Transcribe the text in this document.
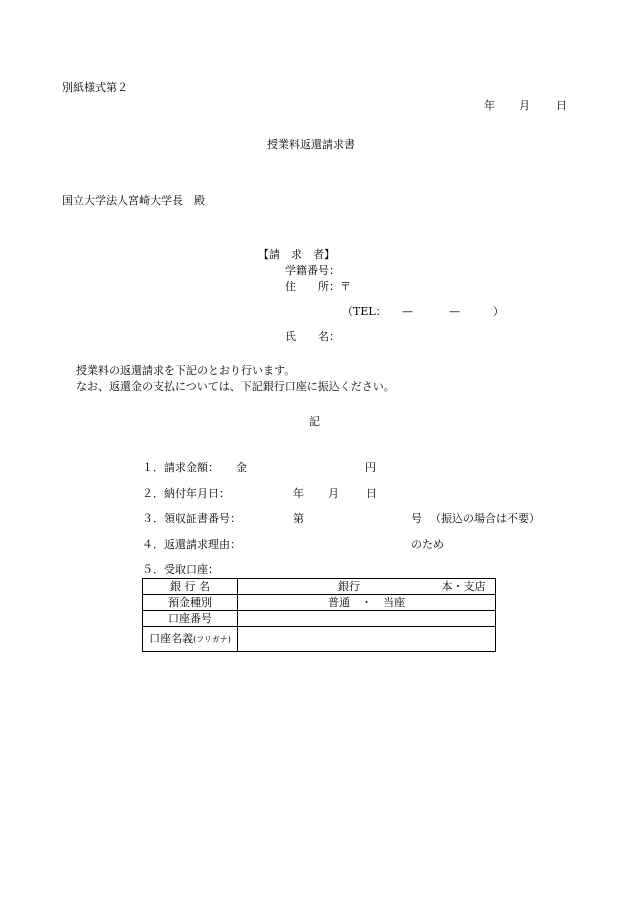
別紙様式第２
年 月 日
授業料返還請求書
国立大学法人宮崎大学長　殿
【請　求　者】
学籍番号：
住　　所：〒
（TEL： —	—	）
氏　　名：
授業料の返還請求を下記のとおり行います。
なお、返還金の支払については、下記銀行口座に振込ください。
記
１．請求金額： 金	円
２．納付年月日：	年 月 日
３．領収証書番号：	第	号 （振込の場合は不要）
４．返還請求理由：	のため
５．受取口座：
銀 行 名	銀行 本・支店
預金種別	普通　・　当座
口座番号	
口座名義(フリガナ)	
